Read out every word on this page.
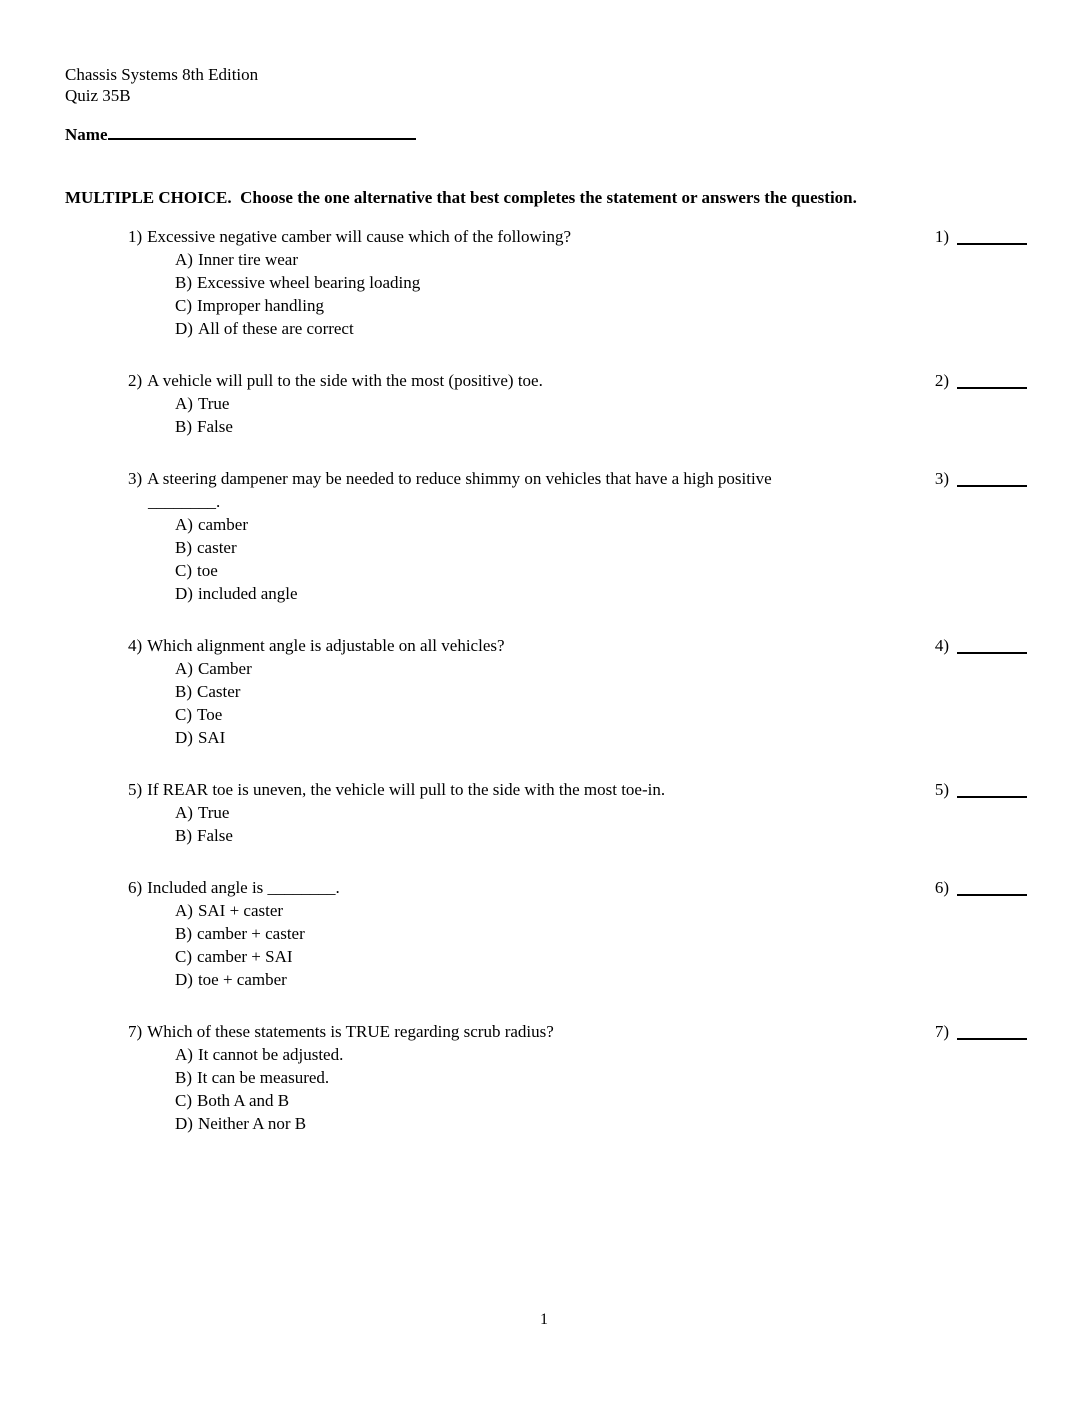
Chassis Systems 8th Edition
Quiz 35B
Name
MULTIPLE CHOICE.  Choose the one alternative that best completes the statement or answers the question.
1) Excessive negative camber will cause which of the following?	1)
A) Inner tire wear
B) Excessive wheel bearing loading
C) Improper handling
D) All of these are correct
2) A vehicle will pull to the side with the most (positive) toe.	2)
A) True
B) False
3) A steering dampener may be needed to reduce shimmy on vehicles that have a high positive ________.
3)
A) camber
B) caster
C) toe
D) included angle
4) Which alignment angle is adjustable on all vehicles?	4)
A) Camber
B) Caster
C) Toe
D) SAI
5) If REAR toe is uneven, the vehicle will pull to the side with the most toe-in.	5)
A) True
B) False
6) Included angle is ________.	6)
A) SAI + caster
B) camber + caster
C) camber + SAI
D) toe + camber
7) Which of these statements is TRUE regarding scrub radius?	7)
A) It cannot be adjusted.
B) It can be measured.
C) Both A and B
D) Neither A nor B
1
